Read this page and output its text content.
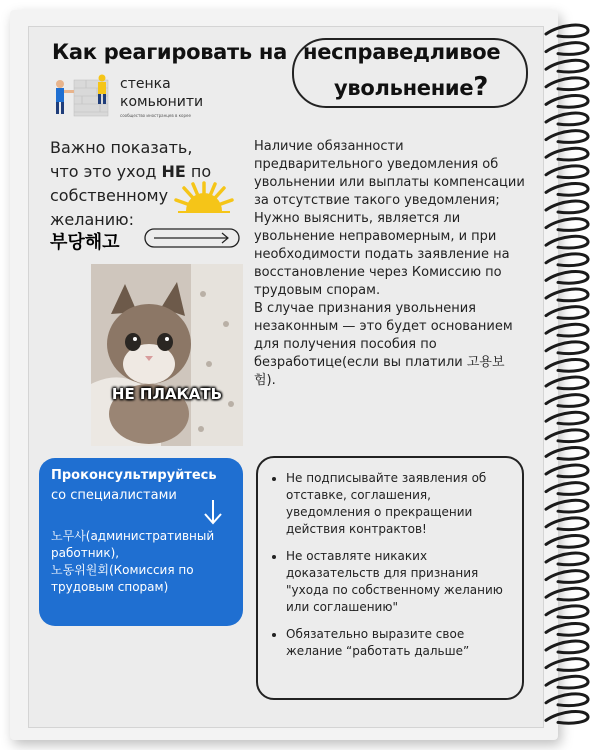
Как реагировать на несправедливое
увольнение?
стенка
комьюнити
сообщество иностранцев в корее
Важно показать,
что это уход НЕ по
собственному
желанию:
부당해고
НЕ ПЛАКАТЬ
Наличие обязанности предварительного уведомления об увольнении или выплаты компенсации за отсутствие такого уведомления;
Нужно выяснить, является ли увольнение неправомерным, и при необходимости подать заявление на восстановление через Комиссию по трудовым спорам.
В случае признания увольнения незаконным — это будет основанием для получения пособия по безработице(если вы платили 고용보험).
Проконсультируйтесь
со специалистами
노무사(административный работник),
노동위원회(Комиссия по трудовым спорам)
• Не подписывайте заявления об отставке, соглашения, уведомления о прекращении действия контрактов!
• Не оставляте никаких доказательств для признания "ухода по собственному желанию или соглашению"
• Обязательно выразите свое желание “работать дальше”
